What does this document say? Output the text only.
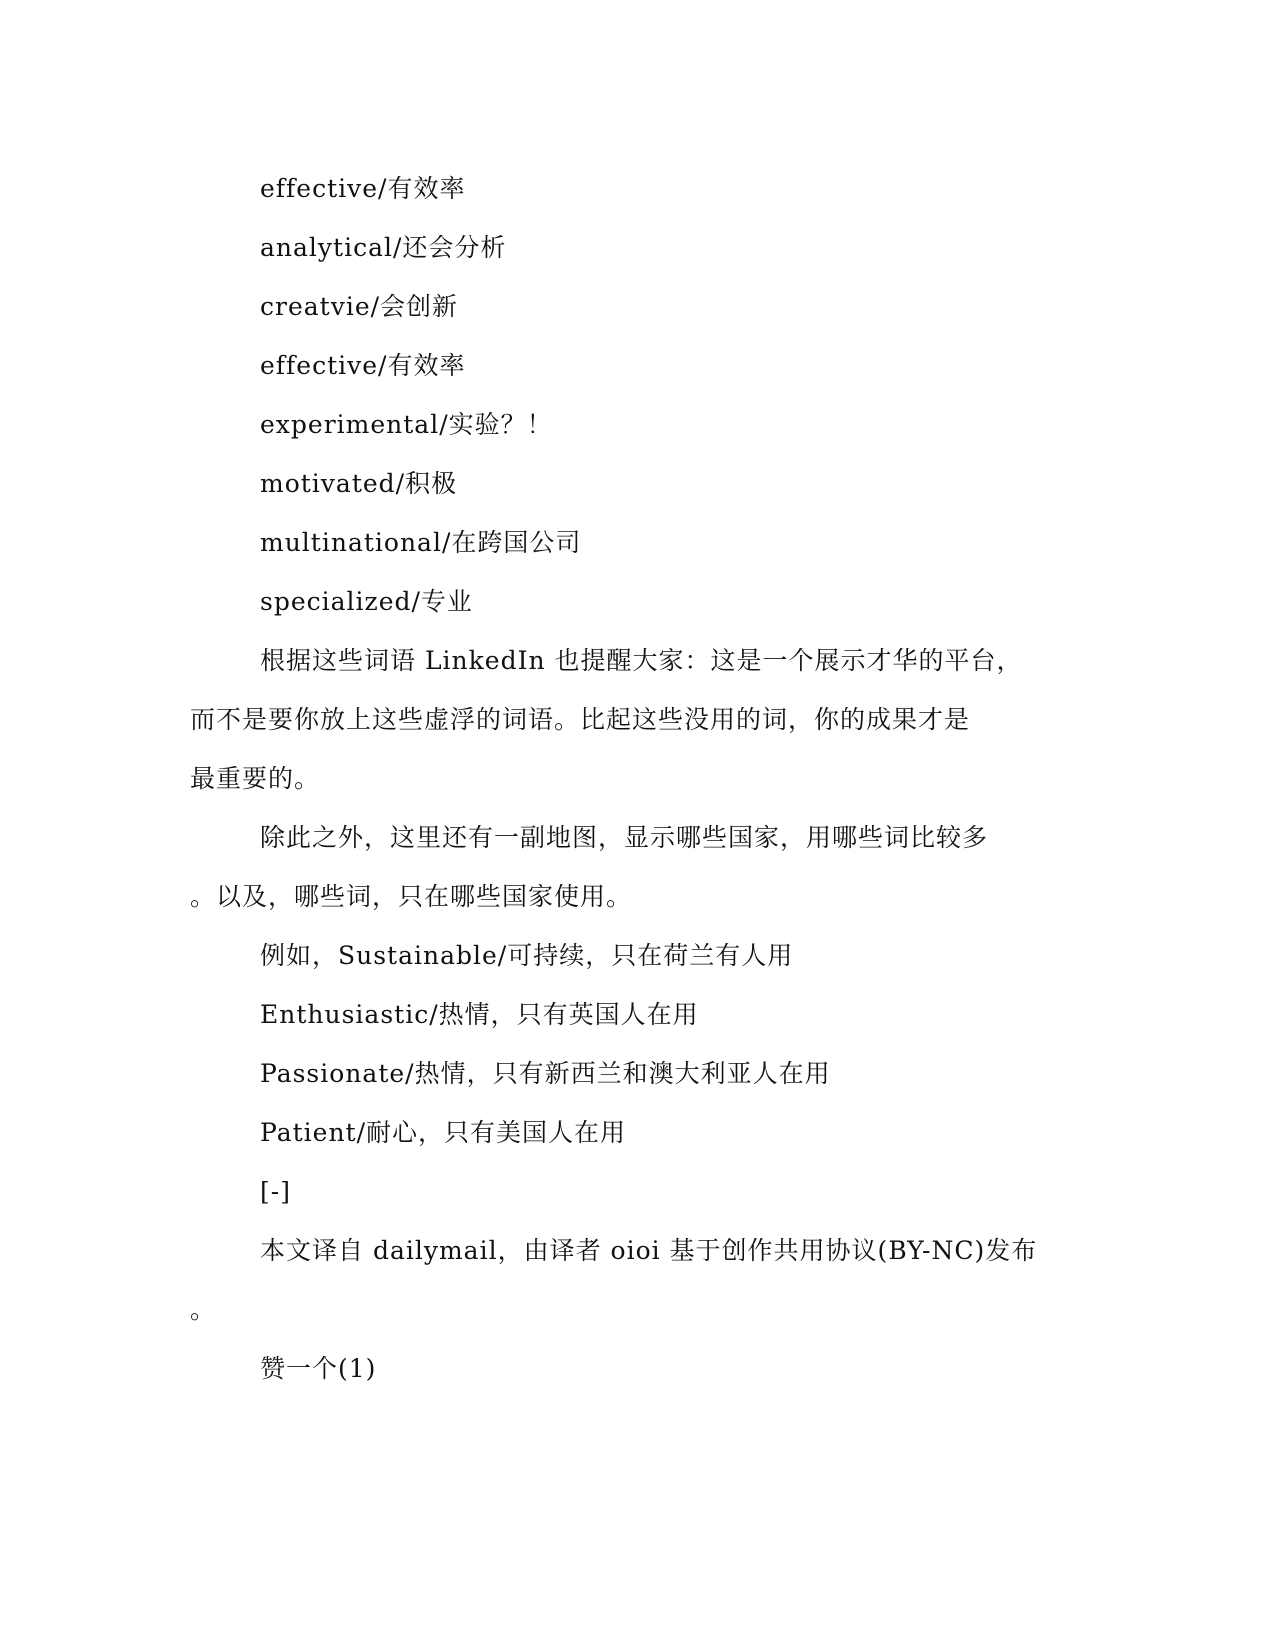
effective/有效率
analytical/还会分析
creatvie/会创新
effective/有效率
experimental/实验？！
motivated/积极
multinational/在跨国公司
specialized/专业
根据这些词语 LinkedIn 也提醒大家：这是一个展示才华的平台，
而不是要你放上这些虚浮的词语。比起这些没用的词，你的成果才是
最重要的。
除此之外，这里还有一副地图，显示哪些国家，用哪些词比较多
。以及，哪些词，只在哪些国家使用。
例如，Sustainable/可持续，只在荷兰有人用
Enthusiastic/热情，只有英国人在用
Passionate/热情，只有新西兰和澳大利亚人在用
Patient/耐心，只有美国人在用
[-]
本文译自 dailymail，由译者 oioi 基于创作共用协议(BY-NC)发布
。
赞一个(1)
